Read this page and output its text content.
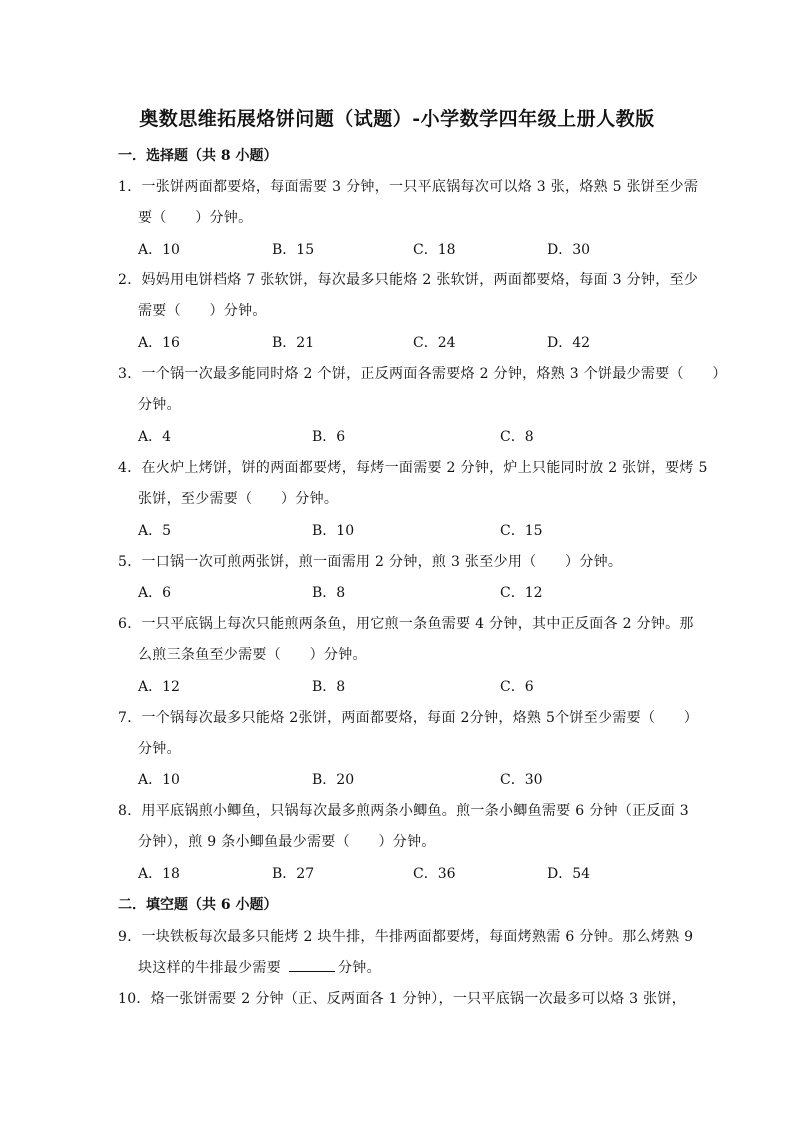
奥数思维拓展烙饼问题（试题）-小学数学四年级上册人教版
一．选择题（共 8 小题）
1．一张饼两面都要烙，每面需要 3 分钟，一只平底锅每次可以烙 3 张，烙熟 5 张饼至少需
要（　　）分钟。
A．10	B．15	C．18	D．30
2．妈妈用电饼档烙 7 张软饼，每次最多只能烙 2 张软饼，两面都要烙，每面 3 分钟，至少
需要（　　）分钟。
A．16	B．21	C．24	D．42
3．一个锅一次最多能同时烙 2 个饼，正反两面各需要烙 2 分钟，烙熟 3 个饼最少需要（　　）
分钟。
A．4	B．6	C．8
4．在火炉上烤饼，饼的两面都要烤，每烤一面需要 2 分钟，炉上只能同时放 2 张饼，要烤 5
张饼，至少需要（　　）分钟。
A．5	B．10	C．15
5．一口锅一次可煎两张饼，煎一面需用 2 分钟，煎 3 张至少用（　　）分钟。
A．6	B．8	C．12
6．一只平底锅上每次只能煎两条鱼，用它煎一条鱼需要 4 分钟，其中正反面各 2 分钟。那
么煎三条鱼至少需要（　　）分钟。
A．12	B．8	C．6
7．一个锅每次最多只能烙 2张饼，两面都要烙，每面 2分钟，烙熟 5个饼至少需要（　　）
分钟。
A．10	B．20	C．30
8．用平底锅煎小鲫鱼，只锅每次最多煎两条小鲫鱼。煎一条小鲫鱼需要 6 分钟（正反面 3
分钟），煎 9 条小鲫鱼最少需要（　　）分钟。
A．18	B．27	C．36	D．54
二．填空题（共 6 小题）
9．一块铁板每次最多只能烤 2 块牛排，牛排两面都要烤，每面烤熟需 6 分钟。那么烤熟 9
块这样的牛排最少需要	分钟。
10．烙一张饼需要 2 分钟（正、反两面各 1 分钟），一只平底锅一次最多可以烙 3 张饼，
